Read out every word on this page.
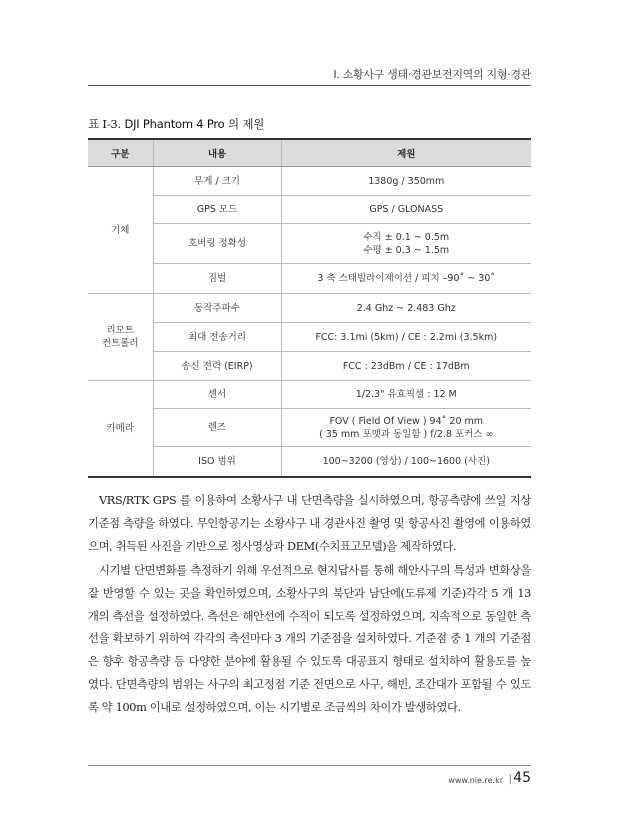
Ⅰ. 소황사구 생태·경관보전지역의 지형·경관
표 Ⅰ-3. DJI Phantom 4 Pro 의 제원
구분	내용	제원
기체	무게 / 크기	1380g / 350mm
	GPS 모드	GPS / GLONASS
	호버링 정확성	수직 ± 0.1 ~ 0.5m
수평 ± 0.3 ~ 1.5m

	짐벌	3 축 스태빌라이제이션 / 피치 –90˚ ~ 30˚

리모트
컨트롤러	동작주파수	2.4 Ghz ~ 2.483 Ghz
	최대 전송거리	FCC: 3.1mi (5km) / CE : 2.2mi (3.5km)
	송신 전력 (EIRP)	FCC : 23dBm / CE : 17dBm
카메라	센서	1/2.3" 유효픽셀 : 12 M
	렌즈	FOV ( Field Of View ) 94˚ 20 mm
( 35 mm 포맷과 동일함 ) f/2.8 포커스 ∞

	ISO 범위	100~3200 (영상) / 100~1600 (사진)

VRS/RTK GPS 를 이용하여 소황사구 내 단면측량을 실시하였으며, 항공측량에 쓰일 지상기준점 측량을 하였다. 무인항공기는 소황사구 내 경관사진 촬영 및 항공사진 촬영에 이용하였으며, 취득된 사진을 기반으로 정사영상과 DEM(수치표고모델)을 제작하였다.

시기별 단면변화를 측정하기 위해 우선적으로 현지답사를 통해 해안사구의 특성과 변화상을 잘 반영할 수 있는 곳을 확인하였으며, 소황사구의 북단과 남단에(도류제 기준)각각 5 개 13 개의 측선을 설정하였다. 측선은 해안선에 수직이 되도록 설정하였으며, 지속적으로 동일한 측선을 확보하기 위하여 각각의 측선마다 3 개의 기준점을 설치하였다. 기준점 중 1 개의 기준점은 향후 항공측량 등 다양한 분야에 활용될 수 있도록 대공표지 형태로 설치하여 활용도를 높였다. 단면측량의 범위는 사구의 최고정점 기준 전면으로 사구, 해빈, 조간대가 포함될 수 있도록 약 100m 이내로 설정하였으며, 이는 시기별로 조금씩의 차이가 발생하였다.

www.nie.re.kr | 45
